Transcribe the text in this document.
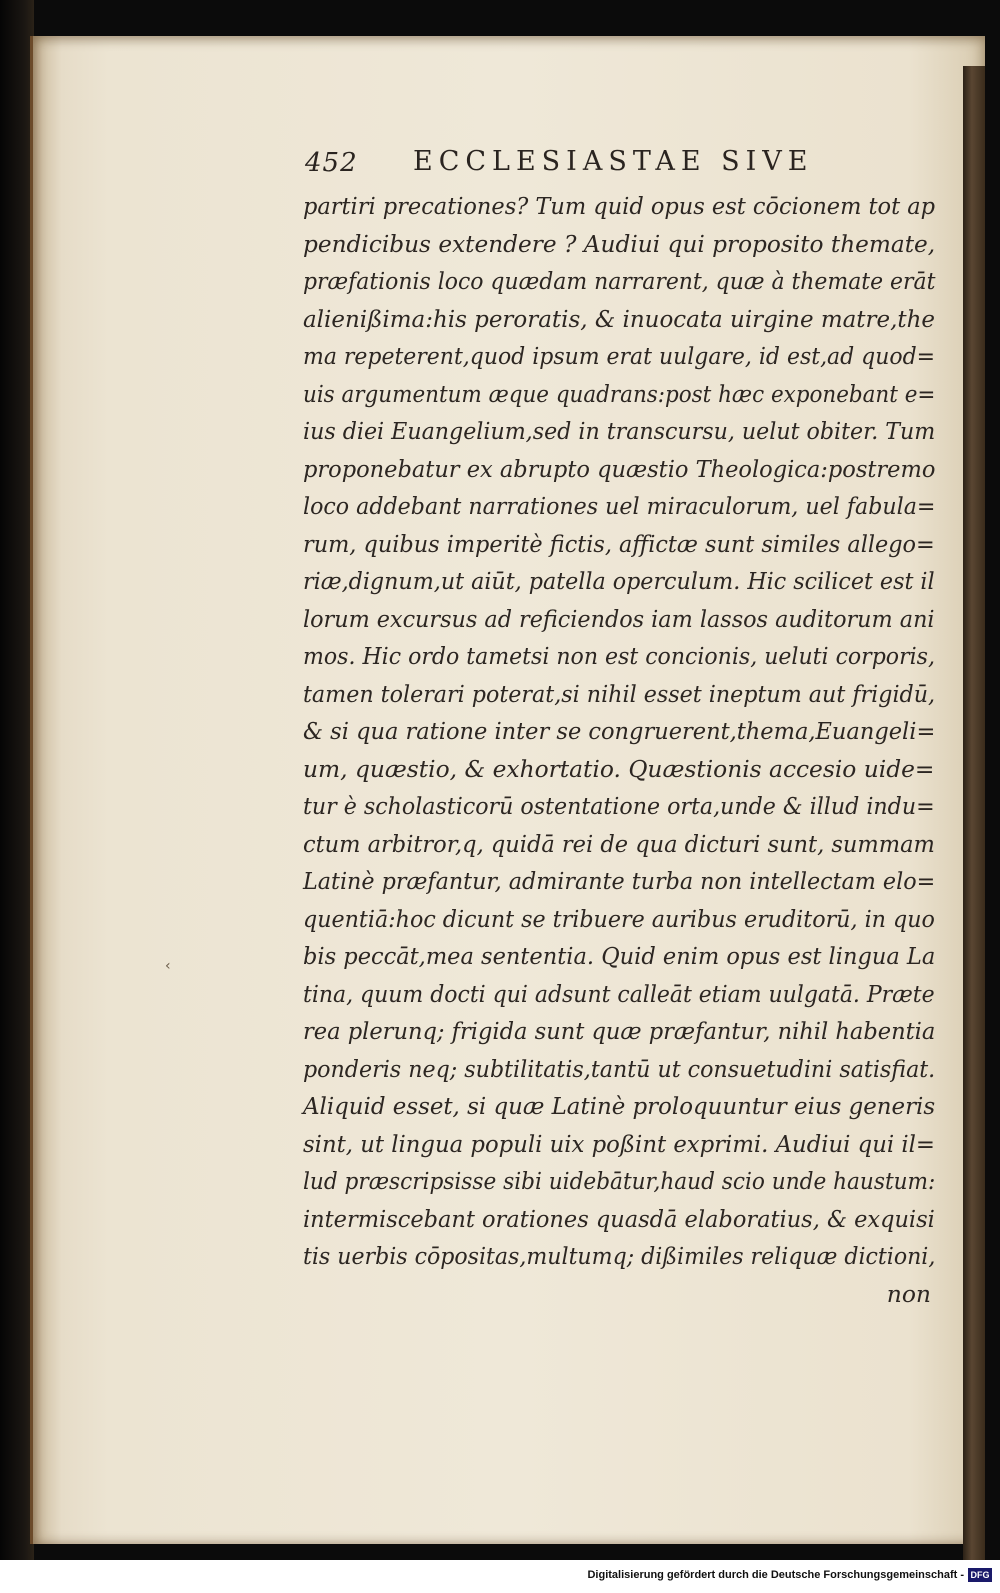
452 ECCLESIASTAE SIVE
‹
partiri precationes? Tum quid opus est cōcionem tot ap
pendicibus extendere ? Audiui qui proposito themate,
præfationis loco quædam narrarent, quæ à themate erāt
alienißima:his peroratis, & inuocata uirgine matre,the
ma repeterent,quod ipsum erat uulgare, id est,ad quod=
uis argumentum æque quadrans:post hæc exponebant e=
ius diei Euangelium,sed in transcursu, uelut obiter. Tum
proponebatur ex abrupto quæstio Theologica:postremo
loco addebant narrationes uel miraculorum, uel fabula=
rum, quibus imperitè fictis, affictæ sunt similes allego=
riæ,dignum,ut aiūt, patella operculum. Hic scilicet est il
lorum excursus ad reficiendos iam lassos auditorum ani
mos. Hic ordo tametsi non est concionis, ueluti corporis,
tamen tolerari poterat,si nihil esset ineptum aut frigidū,
& si qua ratione inter se congruerent,thema,Euangeli=
um, quæstio, & exhortatio. Quæstionis accesio uide=
tur è scholasticorū ostentatione orta,unde & illud indu=
ctum arbitror,q, quidā rei de qua dicturi sunt, summam
Latinè præfantur, admirante turba non intellectam elo=
quentiā:hoc dicunt se tribuere auribus eruditorū, in quo
bis peccāt,mea sententia. Quid enim opus est lingua La
tina, quum docti qui adsunt calleāt etiam uulgatā. Præte
rea plerunq; frigida sunt quæ præfantur, nihil habentia
ponderis neq; subtilitatis,tantū ut consuetudini satisfiat.
Aliquid esset, si quæ Latinè proloquuntur eius generis
sint, ut lingua populi uix poßint exprimi. Audiui qui il=
lud præscripsisse sibi uidebātur,haud scio unde haustum:
intermiscebant orationes quasdā elaboratius, & exquisi
tis uerbis cōpositas,multumq; dißimiles reliquæ dictioni,
non
Digitalisierung gefördert durch die Deutsche Forschungsgemeinschaft - DFG
